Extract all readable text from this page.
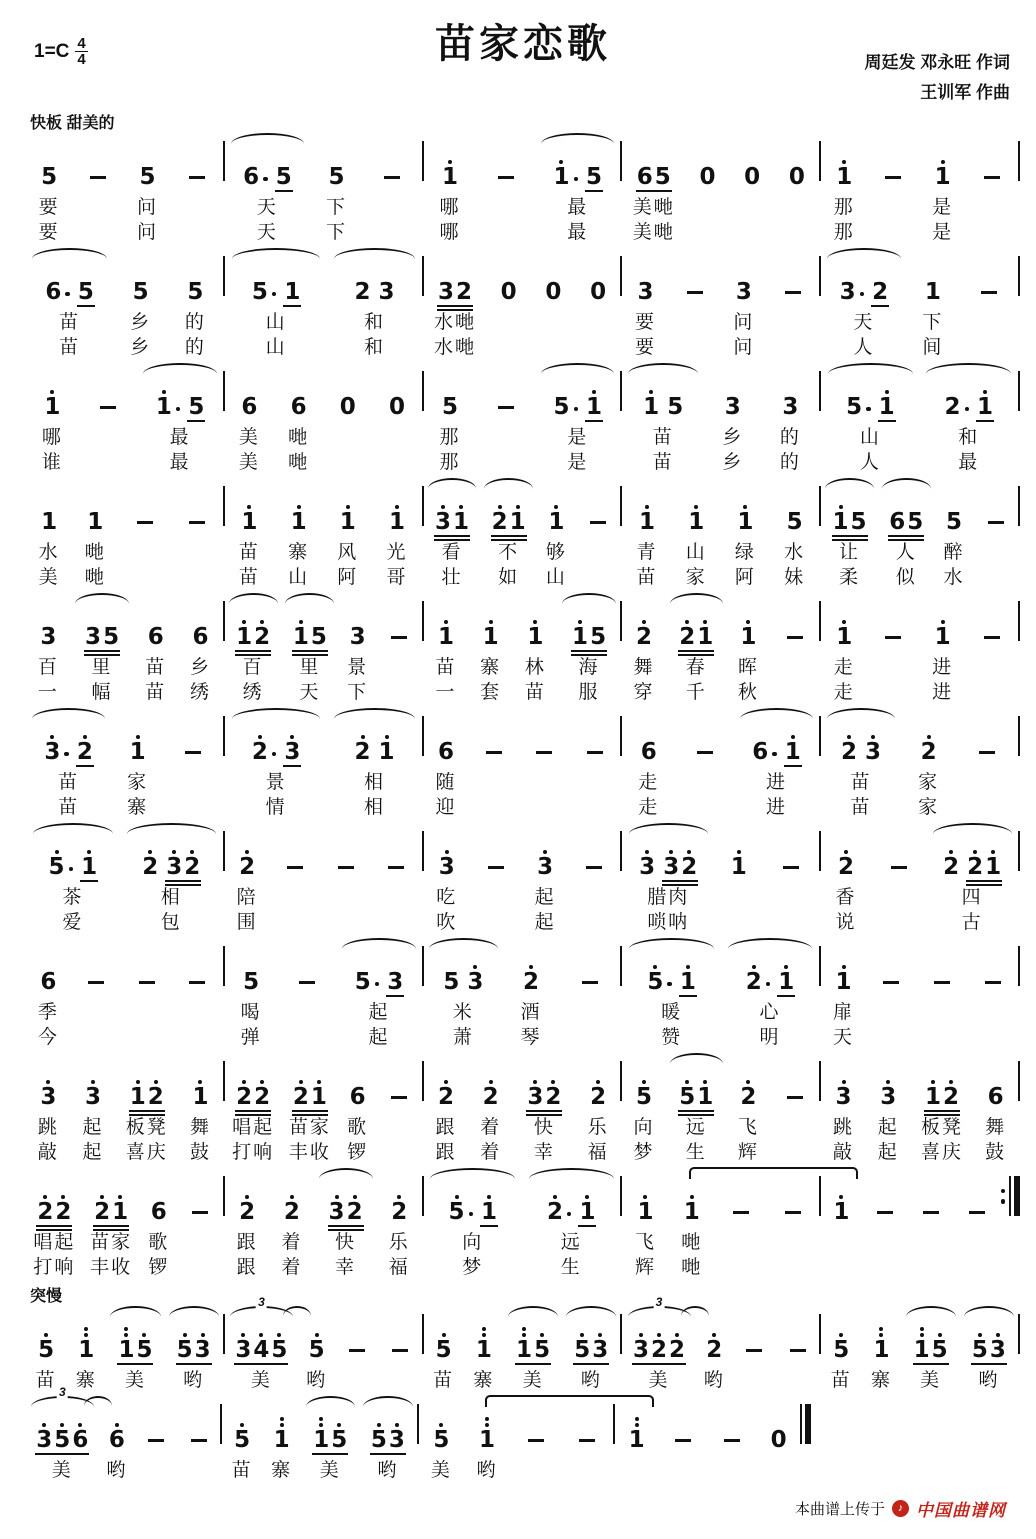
$1=C \frac{4}{4}$	苗家恋歌	周廷发 邓永旺 作词
王训军 作曲
快板 甜美的
5
要
要
5
问
问
6 5
天
天
5
下
下
1
哪
哪
1 5
最
最
6 5
美哋
美哋
0 0 0 1
那
那
1
是
是
6 5
苗
苗
5
乡
乡
5
的
的
5 1
山
山
2 3
和
和
3 2
水哋
水哋
0 0 0 3
要
要
3
问
问
3 2
天
人
1
下
间
1
哪
谁
1 5
最
最
6
美
美
6
哋
哋
0 0 5
那
那
5 1
是
是
1 5
苗
苗
3
乡
乡
3
的
的
5 1
山
人
2 1
和
最
1
水
美
1
哋
哋
1
苗
苗
1
寨
山
1
风
阿
1
光
哥
3 1
看
壮
2 1
不
如
1
够
山
1
青
苗
1
山
家
1
绿
阿
5
水
妹
1 5
让
柔
6 5
人
似
5
醉
水
3
百
一
3 5
里
幅
6
苗
苗
6
乡
绣
1 2
百
绣
1 5
里
天
3
景
下
1
苗
一
1
寨
套
1
林
苗
1 5
海
服
2
舞
穿
2 1
春
千
1
晖
秋
1
走
走
1
进
进
3 2
苗
苗
1
家
寨
2 3
景
情
2 1
相
相
6
随
迎
6
走
走
6 1
进
进
2 3
苗
苗
2
家
家
5 1
茶
爱
2 3 2
相
包
2
陪
围
3
吃
吹
3
起
起
3 3 2
腊肉
唢呐
1	2
香
说
2 2 1
四
古
6
季
今
5
喝
弹
5 3
起
起
5 3
米
萧
2
酒
琴
5 1
暖
赞
2 1
心
明
1
扉
天
3
跳
敲
3
起
起
1 2
板凳
喜庆
1
舞
鼓
2 2
唱起
打响
2 1
苗家
丰收
6
歌
锣
2
跟
跟
2
着
着
3 2
快
幸
2
乐
福
5
向
梦
5 1
远
生
2
飞
辉
3
跳
敲
3
起
起
1 2
板凳
喜庆
6
舞
鼓
2 2
唱起
打响
2 1
苗家
丰收
6
歌
锣
2
跟
跟
2
着
着
3 2
快
幸
2
乐
福
5 1
向
梦
2 1
远
生
1
飞
辉
1
哋
哋
1
突慢
5
苗
1
寨
1 5
美
5 3
哟
3
3 4 5
美
5
哟
5
苗
1
寨
1 5
美
5 3
哟
3
3 2 2
美
2
哟
5
苗
1
寨
1 5
美
5 3
哟
3
3 5 6
美
6
哟
5
苗
1
寨
1 5
美
5 3
哟
5
美
1
哟
1	0
本曲谱上传于	♪ 中国曲谱网
